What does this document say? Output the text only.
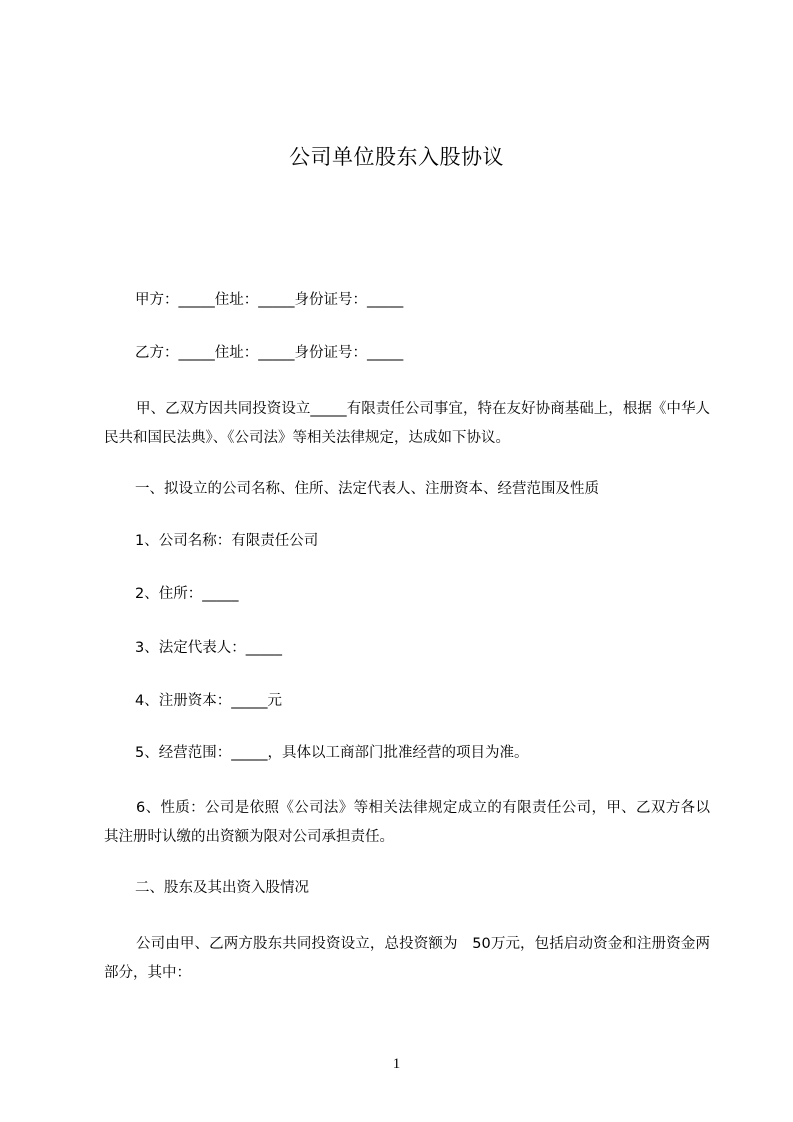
公司单位股东入股协议
甲方：_____住址：_____身份证号：_____
乙方：_____住址：_____身份证号：_____
甲、乙双方因共同投资设立_____有限责任公司事宜，特在友好协商基础上，根据《中华人民共和国民法典》、《公司法》等相关法律规定，达成如下协议。
一、拟设立的公司名称、住所、法定代表人、注册资本、经营范围及性质
1、公司名称：有限责任公司
2、住所：_____
3、法定代表人：_____
4、注册资本：_____元
5、经营范围：_____，具体以工商部门批准经营的项目为准。
6、性质：公司是依照《公司法》等相关法律规定成立的有限责任公司，甲、乙双方各以其注册时认缴的出资额为限对公司承担责任。
二、股东及其出资入股情况
公司由甲、乙两方股东共同投资设立，总投资额为　50万元，包括启动资金和注册资金两部分，其中：
1
